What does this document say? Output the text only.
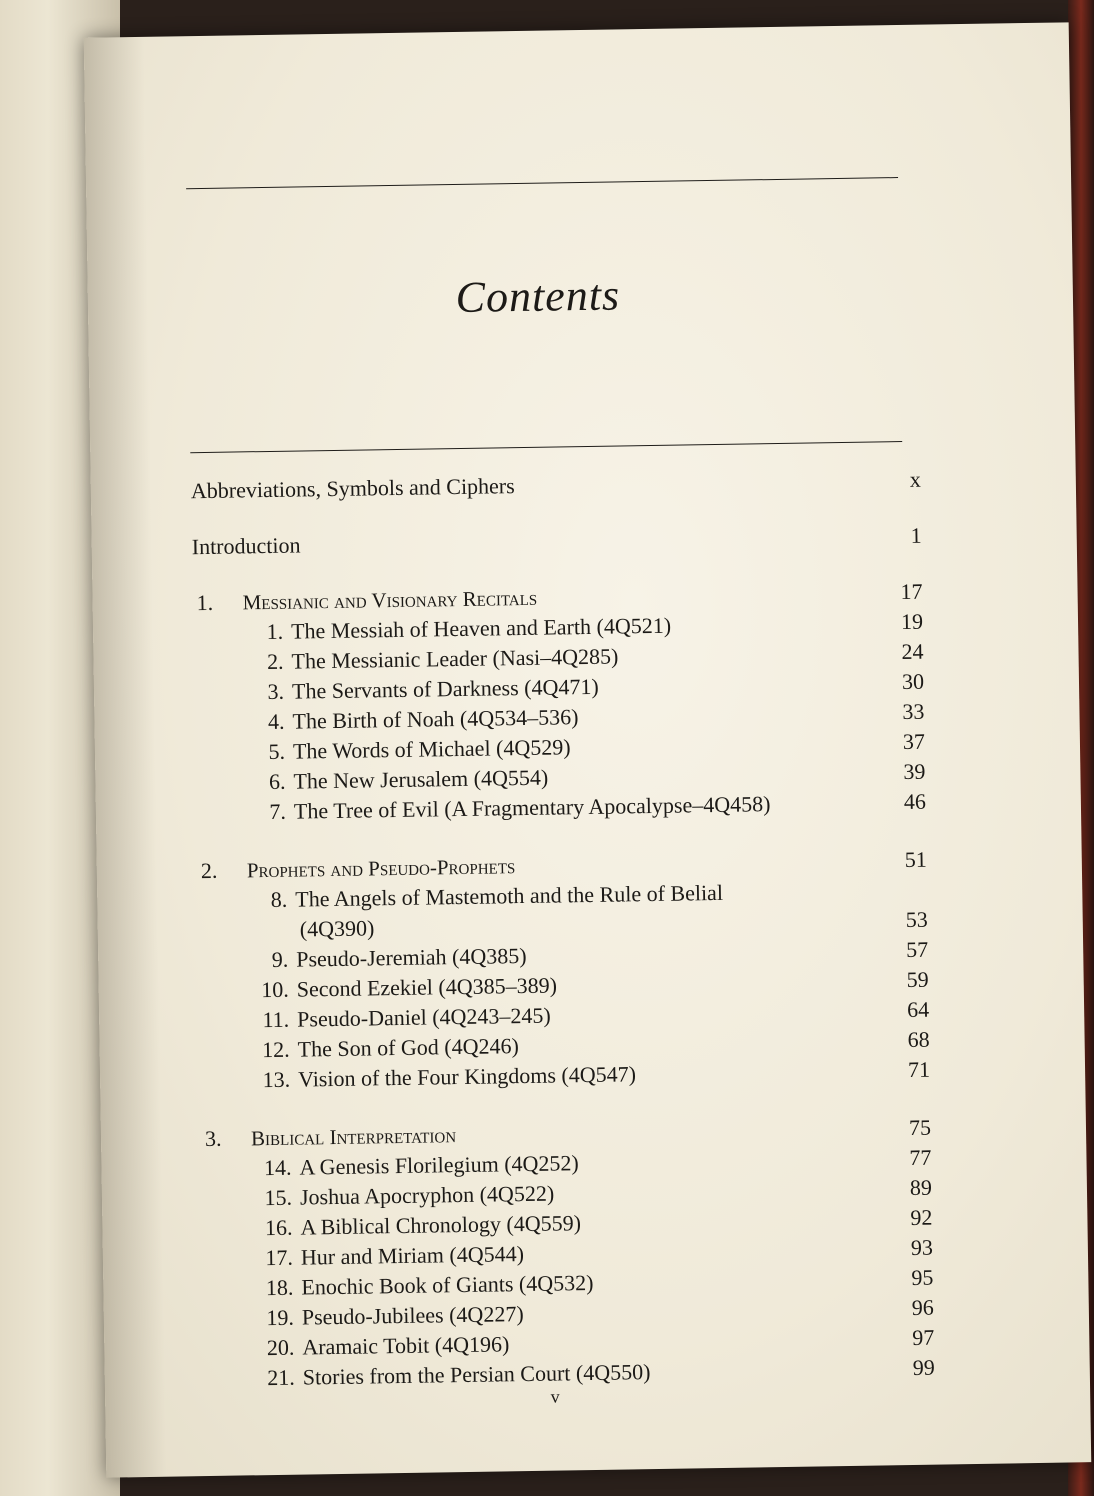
Contents
Abbreviations, Symbols and Ciphers	x
Introduction	1
1. Messianic and Visionary Recitals	17
1. The Messiah of Heaven and Earth (4Q521)	19
2. The Messianic Leader (Nasi–4Q285)	24
3. The Servants of Darkness (4Q471)	30
4. The Birth of Noah (4Q534–536)	33
5. The Words of Michael (4Q529)	37
6. The New Jerusalem (4Q554)	39
7. The Tree of Evil (A Fragmentary Apocalypse–4Q458)	46
2. Prophets and Pseudo-Prophets	51
8. The Angels of Mastemoth and the Rule of Belial
(4Q390)	53
9. Pseudo-Jeremiah (4Q385)	57
10. Second Ezekiel (4Q385–389)	59
11. Pseudo-Daniel (4Q243–245)	64
12. The Son of God (4Q246)	68
13. Vision of the Four Kingdoms (4Q547)	71
3. Biblical Interpretation	75
14. A Genesis Florilegium (4Q252)	77
15. Joshua Apocryphon (4Q522)	89
16. A Biblical Chronology (4Q559)	92
17. Hur and Miriam (4Q544)	93
18. Enochic Book of Giants (4Q532)	95
19. Pseudo-Jubilees (4Q227)	96
20. Aramaic Tobit (4Q196)	97
21. Stories from the Persian Court (4Q550)	99
v
